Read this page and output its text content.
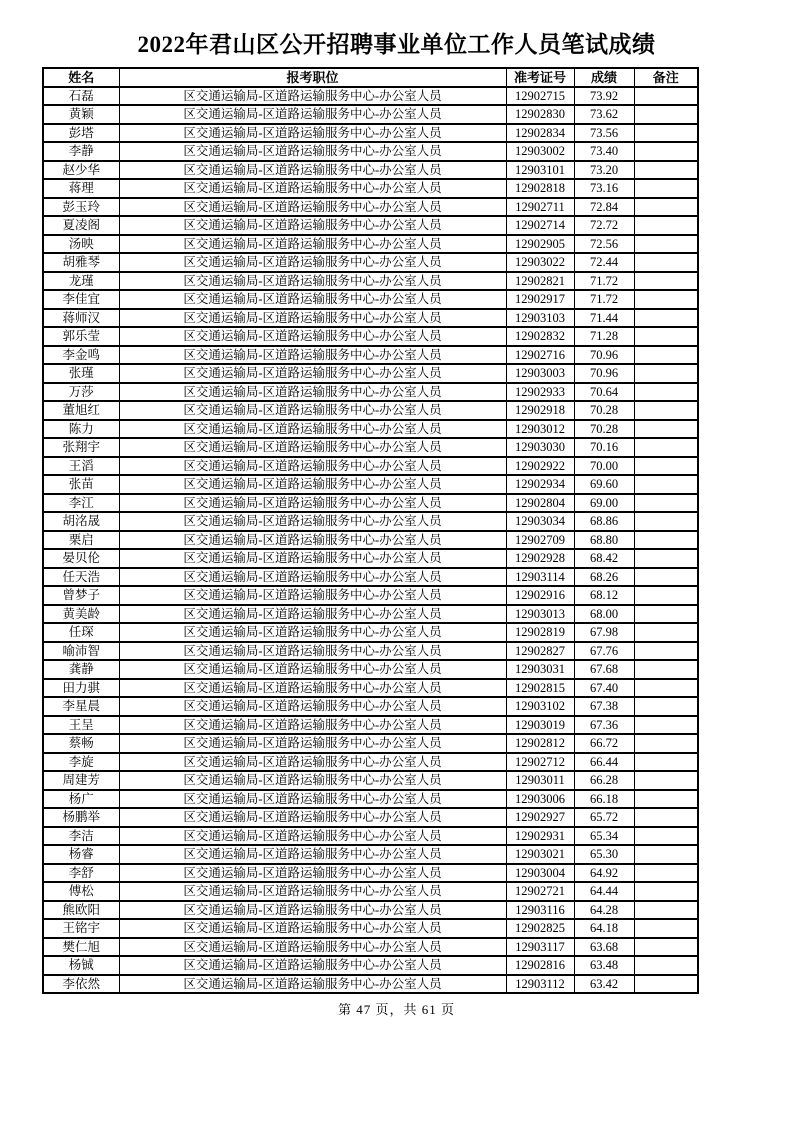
2022年君山区公开招聘事业单位工作人员笔试成绩
姓名	报考职位	准考证号	成绩	备注
石磊	区交通运输局-区道路运输服务中心-办公室人员	12902715	73.92	
黄颖	区交通运输局-区道路运输服务中心-办公室人员	12902830	73.62	
彭塔	区交通运输局-区道路运输服务中心-办公室人员	12902834	73.56	
李静	区交通运输局-区道路运输服务中心-办公室人员	12903002	73.40	
赵少华	区交通运输局-区道路运输服务中心-办公室人员	12903101	73.20	
蒋理	区交通运输局-区道路运输服务中心-办公室人员	12902818	73.16	
彭玉玲	区交通运输局-区道路运输服务中心-办公室人员	12902711	72.84	
夏凌阁	区交通运输局-区道路运输服务中心-办公室人员	12902714	72.72	
汤映	区交通运输局-区道路运输服务中心-办公室人员	12902905	72.56	
胡雅琴	区交通运输局-区道路运输服务中心-办公室人员	12903022	72.44	
龙瑾	区交通运输局-区道路运输服务中心-办公室人员	12902821	71.72	
李佳宜	区交通运输局-区道路运输服务中心-办公室人员	12902917	71.72	
蒋师汉	区交通运输局-区道路运输服务中心-办公室人员	12903103	71.44	
郭乐莹	区交通运输局-区道路运输服务中心-办公室人员	12902832	71.28	
李金鸣	区交通运输局-区道路运输服务中心-办公室人员	12902716	70.96	
张瑾	区交通运输局-区道路运输服务中心-办公室人员	12903003	70.96	
万莎	区交通运输局-区道路运输服务中心-办公室人员	12902933	70.64	
董旭红	区交通运输局-区道路运输服务中心-办公室人员	12902918	70.28	
陈力	区交通运输局-区道路运输服务中心-办公室人员	12903012	70.28	
张翔宇	区交通运输局-区道路运输服务中心-办公室人员	12903030	70.16	
王滔	区交通运输局-区道路运输服务中心-办公室人员	12902922	70.00	
张苗	区交通运输局-区道路运输服务中心-办公室人员	12902934	69.60	
李江	区交通运输局-区道路运输服务中心-办公室人员	12902804	69.00	
胡洺晟	区交通运输局-区道路运输服务中心-办公室人员	12903034	68.86	
栗启	区交通运输局-区道路运输服务中心-办公室人员	12902709	68.80	
晏贝伦	区交通运输局-区道路运输服务中心-办公室人员	12902928	68.42	
任天浩	区交通运输局-区道路运输服务中心-办公室人员	12903114	68.26	
曾梦子	区交通运输局-区道路运输服务中心-办公室人员	12902916	68.12	
黄美龄	区交通运输局-区道路运输服务中心-办公室人员	12903013	68.00	
任琛	区交通运输局-区道路运输服务中心-办公室人员	12902819	67.98	
喻沛智	区交通运输局-区道路运输服务中心-办公室人员	12902827	67.76	
龚静	区交通运输局-区道路运输服务中心-办公室人员	12903031	67.68	
田力骐	区交通运输局-区道路运输服务中心-办公室人员	12902815	67.40	
李星晨	区交通运输局-区道路运输服务中心-办公室人员	12903102	67.38	
王呈	区交通运输局-区道路运输服务中心-办公室人员	12903019	67.36	
蔡畅	区交通运输局-区道路运输服务中心-办公室人员	12902812	66.72	
李旋	区交通运输局-区道路运输服务中心-办公室人员	12902712	66.44	
周建芳	区交通运输局-区道路运输服务中心-办公室人员	12903011	66.28	
杨广	区交通运输局-区道路运输服务中心-办公室人员	12903006	66.18	
杨鹏举	区交通运输局-区道路运输服务中心-办公室人员	12902927	65.72	
李洁	区交通运输局-区道路运输服务中心-办公室人员	12902931	65.34	
杨睿	区交通运输局-区道路运输服务中心-办公室人员	12903021	65.30	
李舒	区交通运输局-区道路运输服务中心-办公室人员	12903004	64.92	
傅松	区交通运输局-区道路运输服务中心-办公室人员	12902721	64.44	
熊欧阳	区交通运输局-区道路运输服务中心-办公室人员	12903116	64.28	
王铭宇	区交通运输局-区道路运输服务中心-办公室人员	12902825	64.18	
樊仁旭	区交通运输局-区道路运输服务中心-办公室人员	12903117	63.68	
杨铖	区交通运输局-区道路运输服务中心-办公室人员	12902816	63.48	
李依然	区交通运输局-区道路运输服务中心-办公室人员	12903112	63.42	
第 47 页，共 61 页
